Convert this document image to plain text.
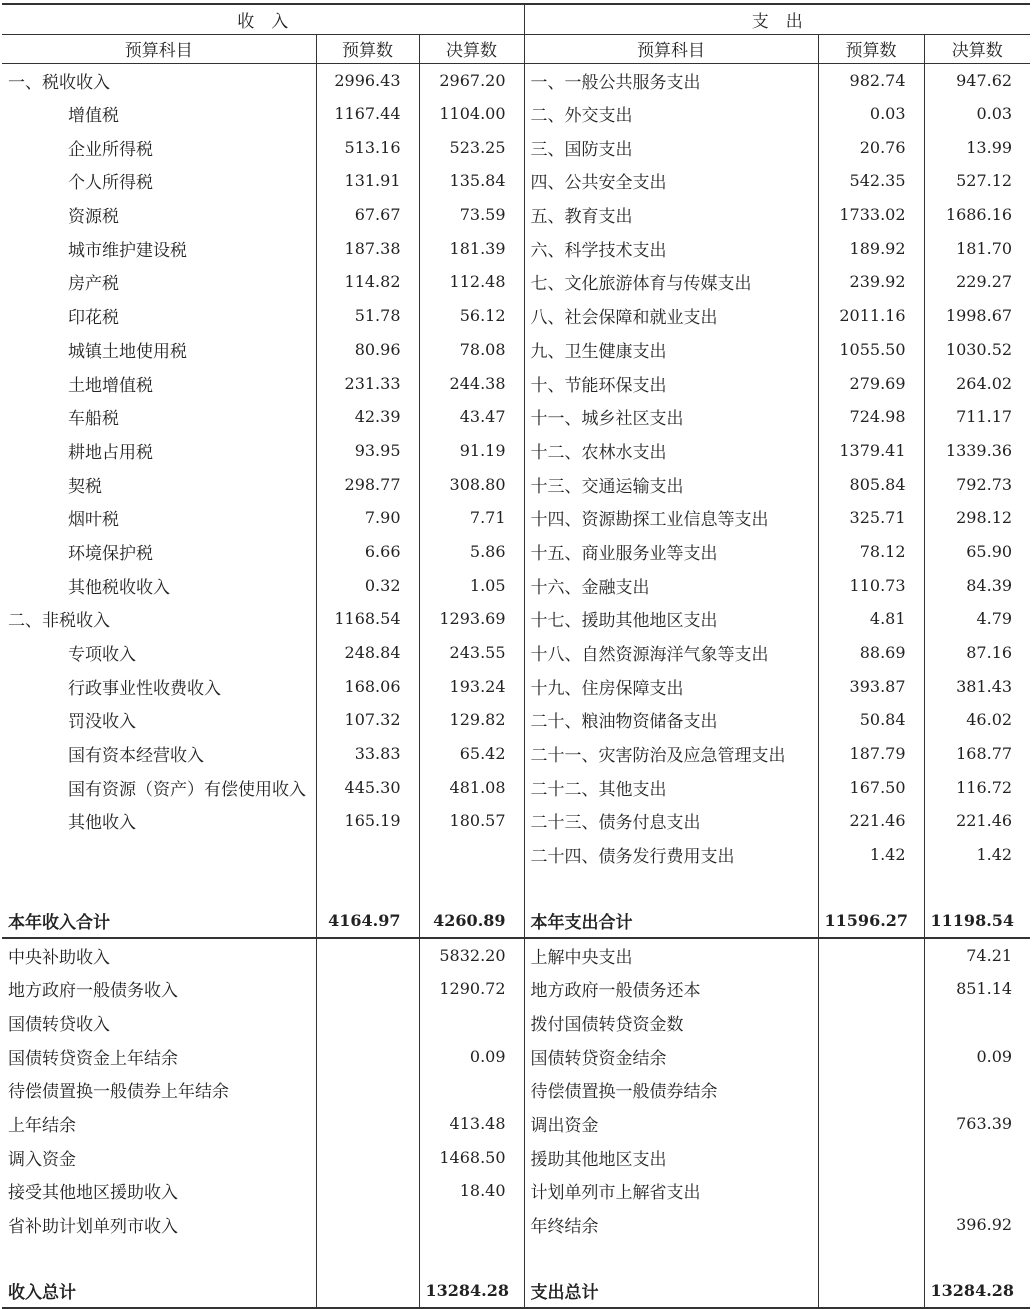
收　入			支　出		
预算科目	预算数	决算数	预算科目	预算数	决算数
一、税收收入	2996.43	2967.20	一、一般公共服务支出	982.74	947.62
增值税	1167.44	1104.00	二、外交支出	0.03	0.03
企业所得税	513.16	523.25	三、国防支出	20.76	13.99
个人所得税	131.91	135.84	四、公共安全支出	542.35	527.12
资源税	67.67	73.59	五、教育支出	1733.02	1686.16
城市维护建设税	187.38	181.39	六、科学技术支出	189.92	181.70
房产税	114.82	112.48	七、文化旅游体育与传媒支出	239.92	229.27
印花税	51.78	56.12	八、社会保障和就业支出	2011.16	1998.67
城镇土地使用税	80.96	78.08	九、卫生健康支出	1055.50	1030.52
土地增值税	231.33	244.38	十、节能环保支出	279.69	264.02
车船税	42.39	43.47	十一、城乡社区支出	724.98	711.17
耕地占用税	93.95	91.19	十二、农林水支出	1379.41	1339.36
契税	298.77	308.80	十三、交通运输支出	805.84	792.73
烟叶税	7.90	7.71	十四、资源勘探工业信息等支出	325.71	298.12
环境保护税	6.66	5.86	十五、商业服务业等支出	78.12	65.90
其他税收收入	0.32	1.05	十六、金融支出	110.73	84.39
二、非税收入	1168.54	1293.69	十七、援助其他地区支出	4.81	4.79
专项收入	248.84	243.55	十八、自然资源海洋气象等支出	88.69	87.16
行政事业性收费收入	168.06	193.24	十九、住房保障支出	393.87	381.43
罚没收入	107.32	129.82	二十、粮油物资储备支出	50.84	46.02
国有资本经营收入	33.83	65.42	二十一、灾害防治及应急管理支出	187.79	168.77
国有资源（资产）有偿使用收入	445.30	481.08	二十二、其他支出	167.50	116.72
其他收入	165.19	180.57	二十三、债务付息支出	221.46	221.46
			二十四、债务发行费用支出	1.42	1.42

本年收入合计	4164.97	4260.89	本年支出合计	11596.27	11198.54
中央补助收入		5832.20	上解中央支出		74.21
地方政府一般债务收入		1290.72	地方政府一般债务还本		851.14
国债转贷收入			拨付国债转贷资金数		
国债转贷资金上年结余		0.09	国债转贷资金结余		0.09
待偿债置换一般债券上年结余			待偿债置换一般债券结余		
上年结余		413.48	调出资金		763.39
调入资金		1468.50	援助其他地区支出		
接受其他地区援助收入		18.40	计划单列市上解省支出		
省补助计划单列市收入			年终结余		396.92

收入总计		13284.28	支出总计		13284.28
